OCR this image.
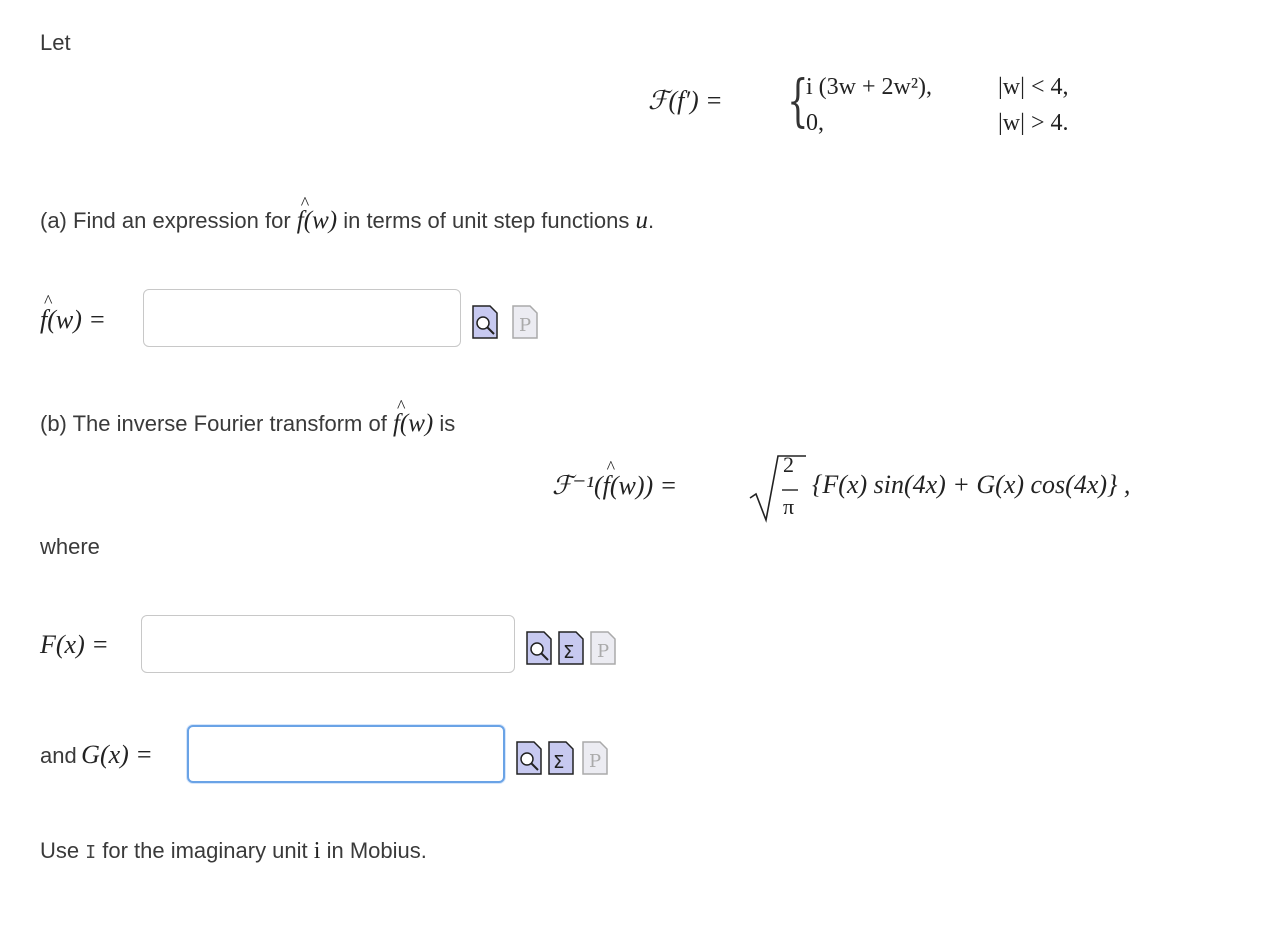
Let
ℱ(f′) = {
i (3w + 2w²),	|w| < 4,
0,	|w| > 4.
(a) Find an expression for ^ f(w) in terms of unit step functions u.
^ f(w) =	P
(b) The inverse Fourier transform of ^ f(w) is
ℱ⁻¹(^ f(w)) =
2
π
{F(x) sin(4x) + G(x) cos(4x)} ,
where
F(x) =	Σ P
and G(x) =	Σ P
Use I for the imaginary unit i in Mobius.
